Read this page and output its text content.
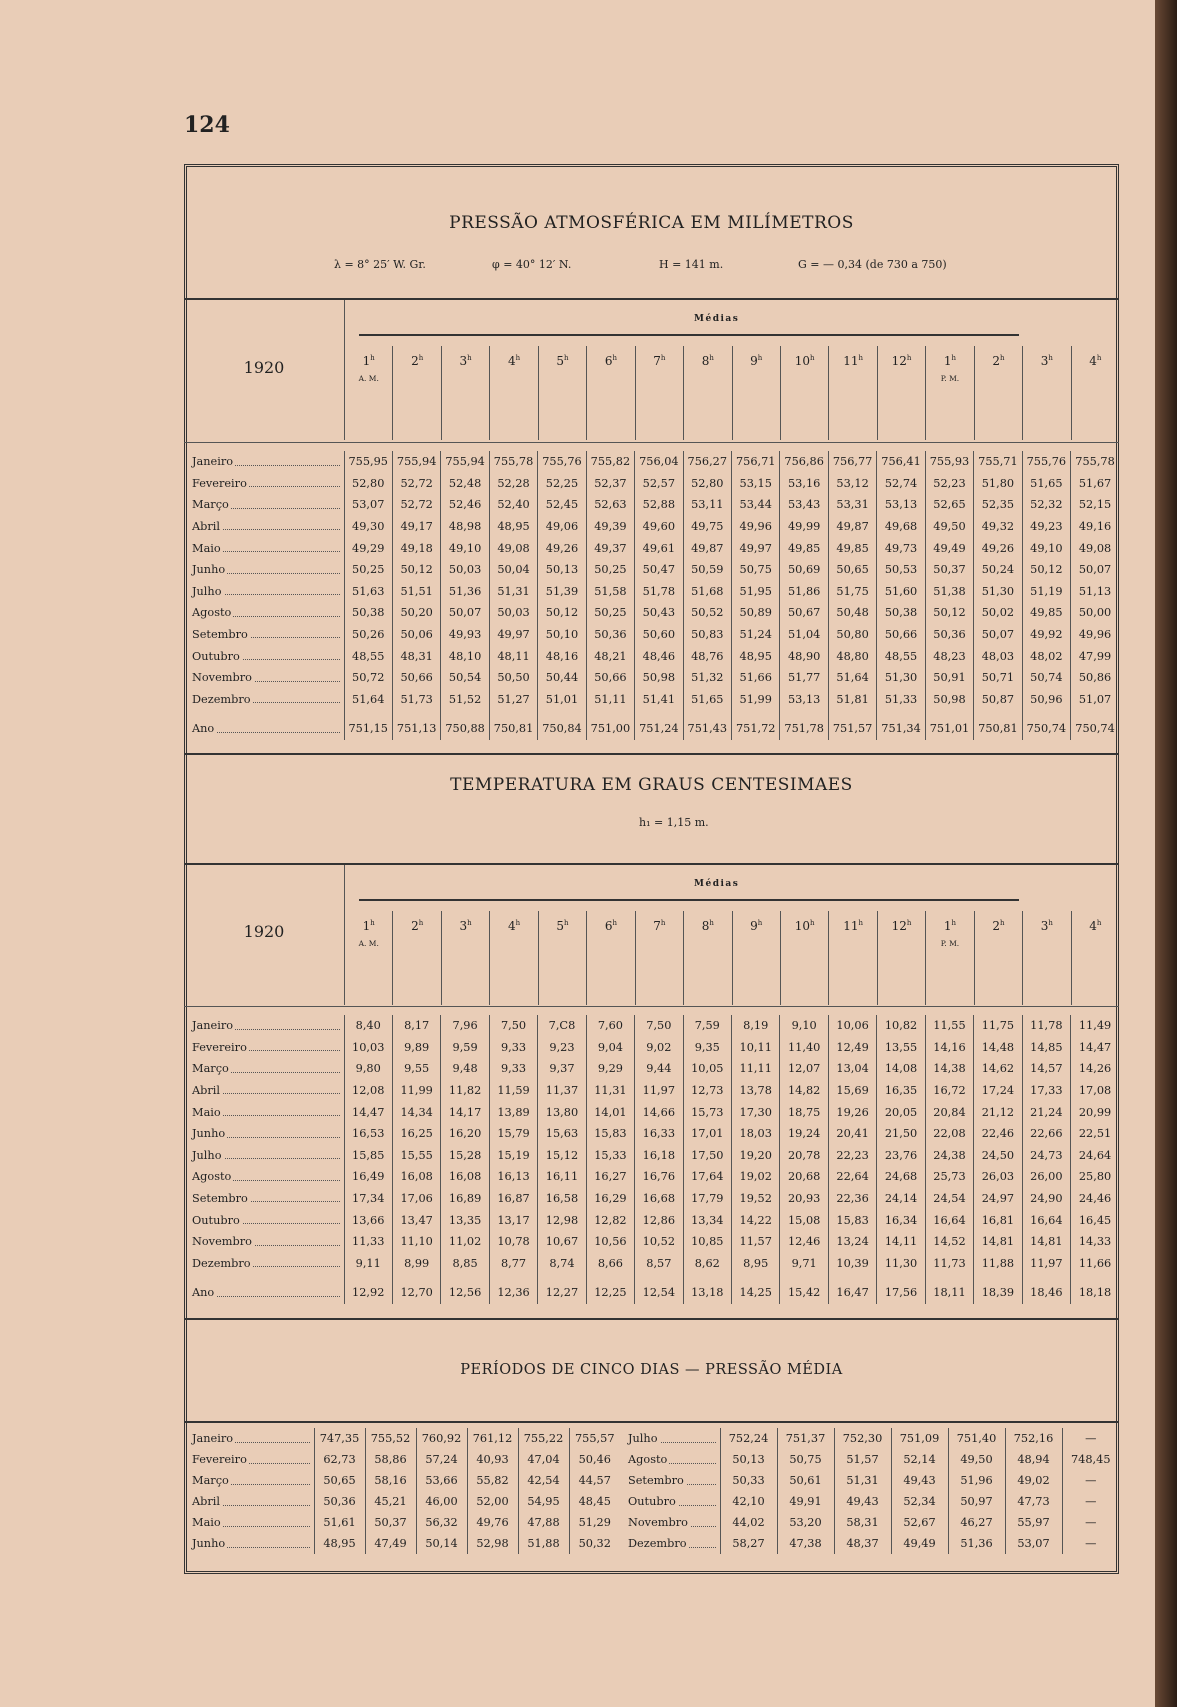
124
PRESSÃO ATMOSFÉRICA EM MILÍMETROS
λ = 8° 25′ W. Gr.	φ = 40° 12′ N.	H = 141 m.	G = — 0,34 (de 730 a 750)
1920
Médias
1$^h$
A. M.
2$^h$	3$^h$	4$^h$	5$^h$	6$^h$	7$^h$	8$^h$	9$^h$	10$^h$	11$^h$	12$^h$	1$^h$
P. M.
2$^h$	3$^h$	4$^h$
Janeiro	755,95	755,94	755,94	755,78	755,76	755,82	756,04	756,27	756,71	756,86	756,77	756,41	755,93	755,71	755,76	755,78
Fevereiro	52,80	52,72	52,48	52,28	52,25	52,37	52,57	52,80	53,15	53,16	53,12	52,74	52,23	51,80	51,65	51,67
Março	53,07	52,72	52,46	52,40	52,45	52,63	52,88	53,11	53,44	53,43	53,31	53,13	52,65	52,35	52,32	52,15
Abril	49,30	49,17	48,98	48,95	49,06	49,39	49,60	49,75	49,96	49,99	49,87	49,68	49,50	49,32	49,23	49,16
Maio	49,29	49,18	49,10	49,08	49,26	49,37	49,61	49,87	49,97	49,85	49,85	49,73	49,49	49,26	49,10	49,08
Junho	50,25	50,12	50,03	50,04	50,13	50,25	50,47	50,59	50,75	50,69	50,65	50,53	50,37	50,24	50,12	50,07
Julho	51,63	51,51	51,36	51,31	51,39	51,58	51,78	51,68	51,95	51,86	51,75	51,60	51,38	51,30	51,19	51,13
Agosto	50,38	50,20	50,07	50,03	50,12	50,25	50,43	50,52	50,89	50,67	50,48	50,38	50,12	50,02	49,85	50,00
Setembro	50,26	50,06	49,93	49,97	50,10	50,36	50,60	50,83	51,24	51,04	50,80	50,66	50,36	50,07	49,92	49,96
Outubro	48,55	48,31	48,10	48,11	48,16	48,21	48,46	48,76	48,95	48,90	48,80	48,55	48,23	48,03	48,02	47,99
Novembro	50,72	50,66	50,54	50,50	50,44	50,66	50,98	51,32	51,66	51,77	51,64	51,30	50,91	50,71	50,74	50,86
Dezembro	51,64	51,73	51,52	51,27	51,01	51,11	51,41	51,65	51,99	53,13	51,81	51,33	50,98	50,87	50,96	51,07
Ano	751,15	751,13	750,88	750,81	750,84	751,00	751,24	751,43	751,72	751,78	751,57	751,34	751,01	750,81	750,74	750,74
TEMPERATURA EM GRAUS CENTESIMAES
h₁ = 1,15 m.
1920
Médias
1$^h$
A. M.
2$^h$	3$^h$	4$^h$	5$^h$	6$^h$	7$^h$	8$^h$	9$^h$	10$^h$	11$^h$	12$^h$	1$^h$
P. M.
2$^h$	3$^h$	4$^h$
Janeiro	8,40	8,17	7,96	7,50	7,C8	7,60	7,50	7,59	8,19	9,10	10,06	10,82	11,55	11,75	11,78	11,49
Fevereiro	10,03	9,89	9,59	9,33	9,23	9,04	9,02	9,35	10,11	11,40	12,49	13,55	14,16	14,48	14,85	14,47
Março	9,80	9,55	9,48	9,33	9,37	9,29	9,44	10,05	11,11	12,07	13,04	14,08	14,38	14,62	14,57	14,26
Abril	12,08	11,99	11,82	11,59	11,37	11,31	11,97	12,73	13,78	14,82	15,69	16,35	16,72	17,24	17,33	17,08
Maio	14,47	14,34	14,17	13,89	13,80	14,01	14,66	15,73	17,30	18,75	19,26	20,05	20,84	21,12	21,24	20,99
Junho	16,53	16,25	16,20	15,79	15,63	15,83	16,33	17,01	18,03	19,24	20,41	21,50	22,08	22,46	22,66	22,51
Julho	15,85	15,55	15,28	15,19	15,12	15,33	16,18	17,50	19,20	20,78	22,23	23,76	24,38	24,50	24,73	24,64
Agosto	16,49	16,08	16,08	16,13	16,11	16,27	16,76	17,64	19,02	20,68	22,64	24,68	25,73	26,03	26,00	25,80
Setembro	17,34	17,06	16,89	16,87	16,58	16,29	16,68	17,79	19,52	20,93	22,36	24,14	24,54	24,97	24,90	24,46
Outubro	13,66	13,47	13,35	13,17	12,98	12,82	12,86	13,34	14,22	15,08	15,83	16,34	16,64	16,81	16,64	16,45
Novembro	11,33	11,10	11,02	10,78	10,67	10,56	10,52	10,85	11,57	12,46	13,24	14,11	14,52	14,81	14,81	14,33
Dezembro	9,11	8,99	8,85	8,77	8,74	8,66	8,57	8,62	8,95	9,71	10,39	11,30	11,73	11,88	11,97	11,66
Ano	12,92	12,70	12,56	12,36	12,27	12,25	12,54	13,18	14,25	15,42	16,47	17,56	18,11	18,39	18,46	18,18
PERÍODOS DE CINCO DIAS — PRESSÃO MÉDIA
Janeiro	747,35	755,52	760,92	761,12	755,22	755,57
Fevereiro	62,73	58,86	57,24	40,93	47,04	50,46
Março	50,65	58,16	53,66	55,82	42,54	44,57
Abril	50,36	45,21	46,00	52,00	54,95	48,45
Maio	51,61	50,37	56,32	49,76	47,88	51,29
Junho	48,95	47,49	50,14	52,98	51,88	50,32
Julho	752,24	751,37	752,30	751,09	751,40	752,16	—
Agosto	50,13	50,75	51,57	52,14	49,50	48,94	748,45
Setembro	50,33	50,61	51,31	49,43	51,96	49,02	—
Outubro	42,10	49,91	49,43	52,34	50,97	47,73	—
Novembro	44,02	53,20	58,31	52,67	46,27	55,97	—
Dezembro	58,27	47,38	48,37	49,49	51,36	53,07	—
